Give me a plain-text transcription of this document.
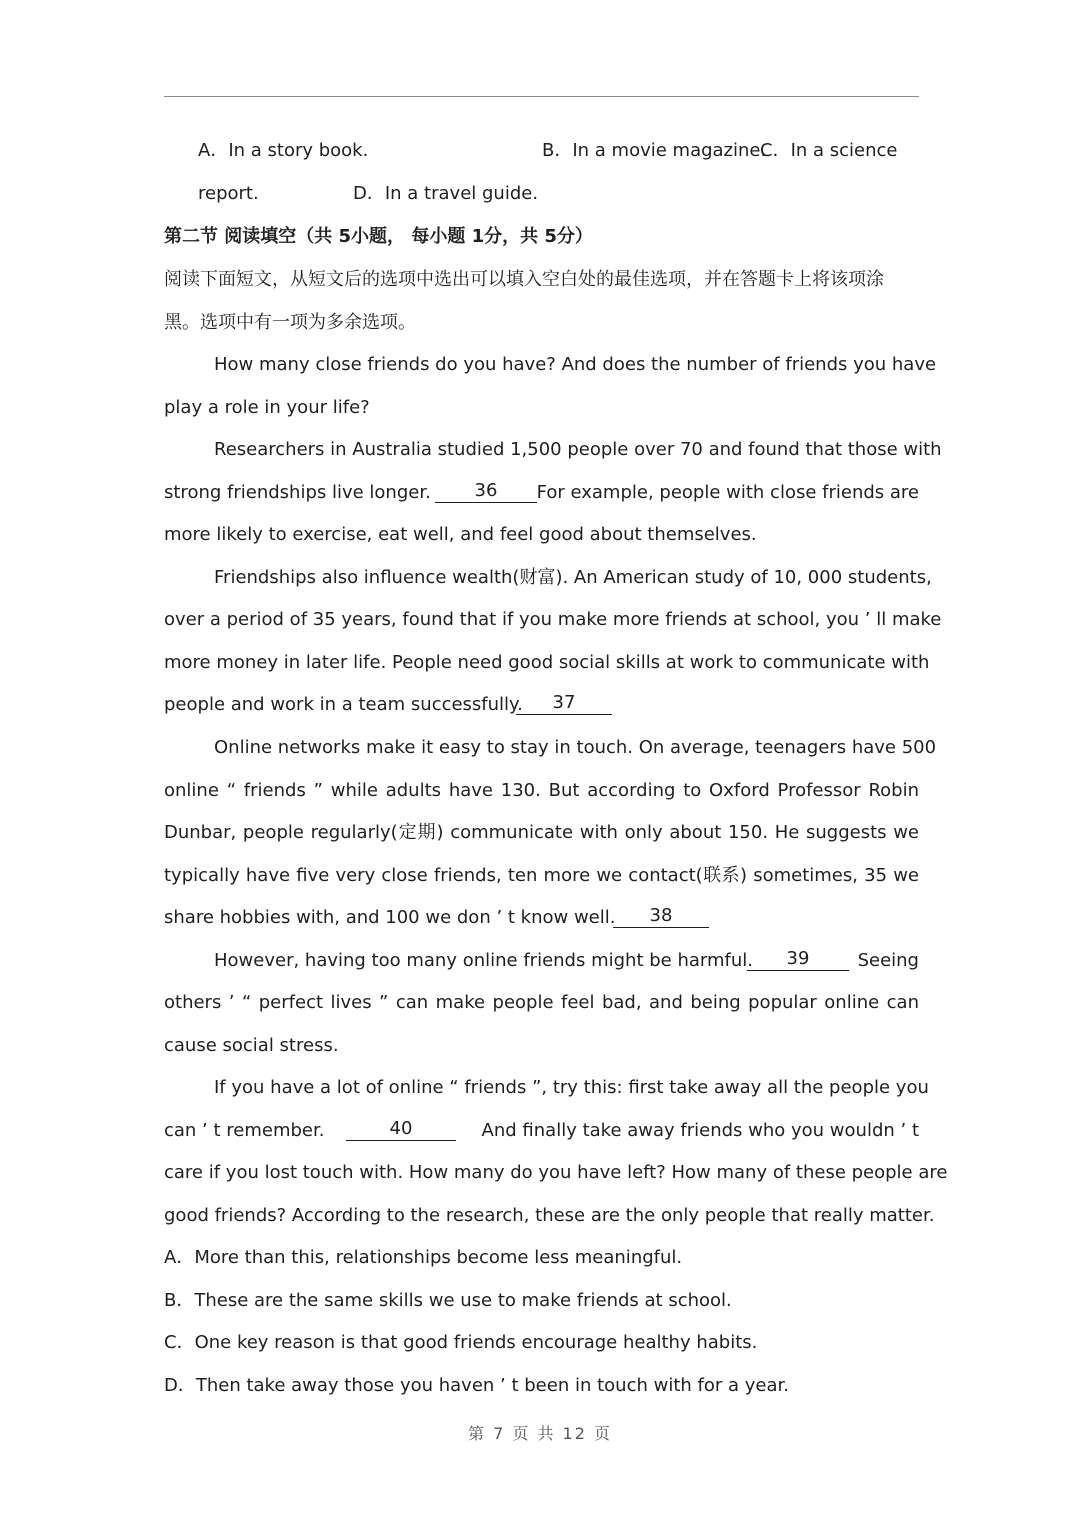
A．In a story book.	B．In a movie magazine.
C．In a science
report.	D．In a travel guide.
第二节 阅读填空（共 5小题， 每小题 1分，共 5分）
阅读下面短文，从短文后的选项中选出可以填入空白处的最佳选项，并在答题卡上将该项涂
黑。选项中有一项为多余选项。
How many close friends do you have? And does the number of friends you have
play a role in your life?
Researchers in Australia studied 1,500 people over 70 and found that those with
strong friendships live longer.	36	For example, people with close friends are
more likely to exercise, eat well, and feel good about themselves.
Friendships also influence wealth(财富). An American study of 10, 000 students,
over a period of 35 years, found that if you make more friends at school, you ’ ll make
more money in later life. People need good social skills at work to communicate with
people and work in a team successfully.	37
Online networks make it easy to stay in touch. On average, teenagers have 500
online “ friends ” while adults have 130. But according to Oxford Professor Robin
Dunbar, people regularly(定期) communicate with only about 150. He suggests we
typically have five very close friends, ten more we contact(联系) sometimes, 35 we
share hobbies with, and 100 we don ’ t know well.	38
However, having too many online friends might be harmful.	39	Seeing
others ’ “ perfect lives ” can make people feel bad, and being popular online can
cause social stress.
If you have a lot of online “ friends ”, try this: first take away all the people you
can ’ t remember.	40	And finally take away friends who you wouldn ’ t
care if you lost touch with. How many do you have left? How many of these people are
good friends? According to the research, these are the only people that really matter.
A．More than this, relationships become less meaningful.
B．These are the same skills we use to make friends at school.
C．One key reason is that good friends encourage healthy habits.
D．Then take away those you haven ’ t been in touch with for a year.
第 7 页 共 12 页
